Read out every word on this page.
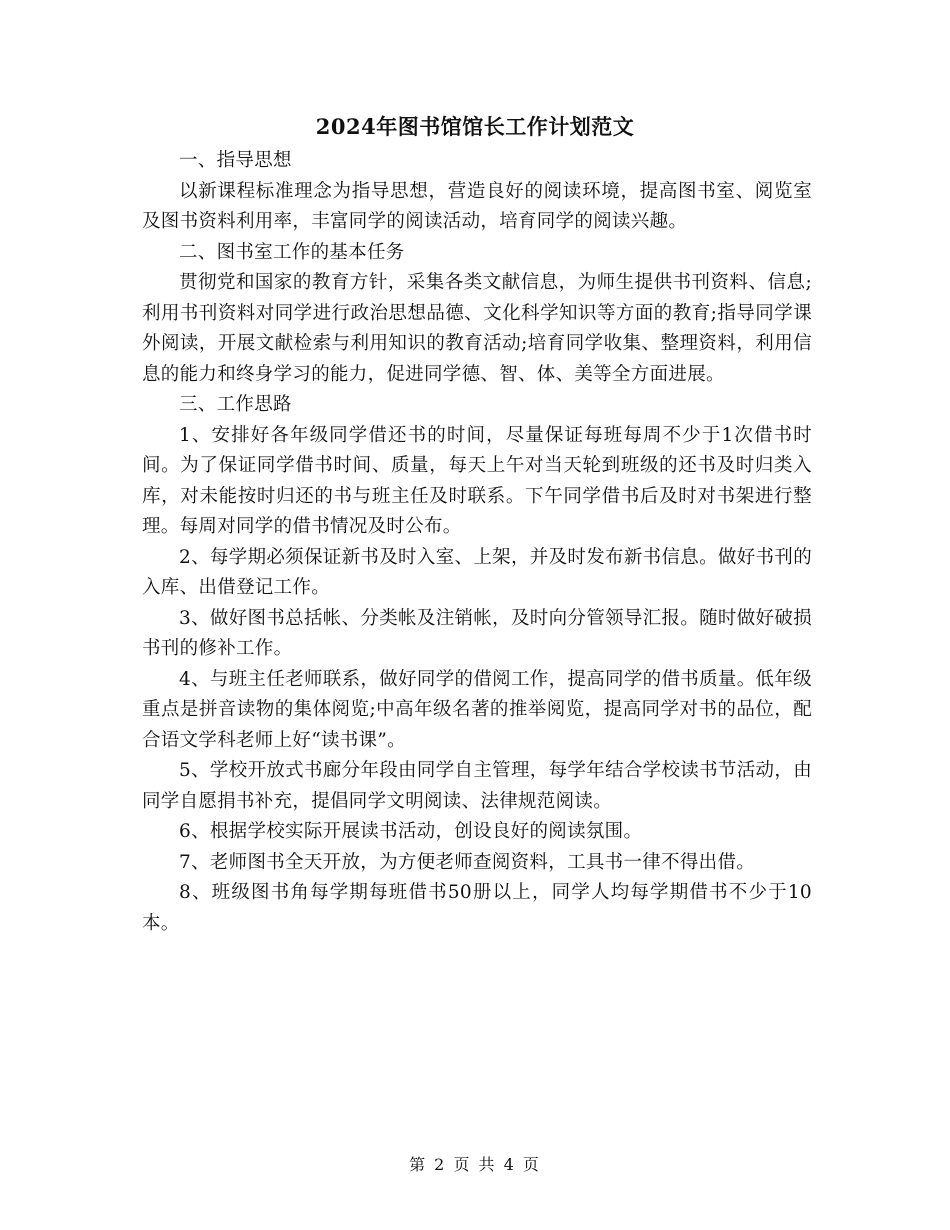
2024年图书馆馆长工作计划范文

一、指导思想

以新课程标准理念为指导思想，营造良好的阅读环境，提高图书室、阅览室及图书资料利用率，丰富同学的阅读活动，培育同学的阅读兴趣。

二、图书室工作的基本任务

贯彻党和国家的教育方针，采集各类文献信息，为师生提供书刊资料、信息;利用书刊资料对同学进行政治思想品德、文化科学知识等方面的教育;指导同学课外阅读，开展文献检索与利用知识的教育活动;培育同学收集、整理资料，利用信息的能力和终身学习的能力，促进同学德、智、体、美等全方面进展。

三、工作思路

1、安排好各年级同学借还书的时间，尽量保证每班每周不少于1次借书时间。为了保证同学借书时间、质量，每天上午对当天轮到班级的还书及时归类入库，对未能按时归还的书与班主任及时联系。下午同学借书后及时对书架进行整理。每周对同学的借书情况及时公布。

2、每学期必须保证新书及时入室、上架，并及时发布新书信息。做好书刊的入库、出借登记工作。

3、做好图书总括帐、分类帐及注销帐，及时向分管领导汇报。随时做好破损书刊的修补工作。

4、与班主任老师联系，做好同学的借阅工作，提高同学的借书质量。低年级重点是拼音读物的集体阅览;中高年级名著的推举阅览，提高同学对书的品位，配合语文学科老师上好“读书课”。

5、学校开放式书廊分年段由同学自主管理，每学年结合学校读书节活动，由同学自愿捐书补充，提倡同学文明阅读、法律规范阅读。

6、根据学校实际开展读书活动，创设良好的阅读氛围。

7、老师图书全天开放，为方便老师查阅资料，工具书一律不得出借。

8、班级图书角每学期每班借书50册以上，同学人均每学期借书不少于10本。

第 2 页 共 4 页
